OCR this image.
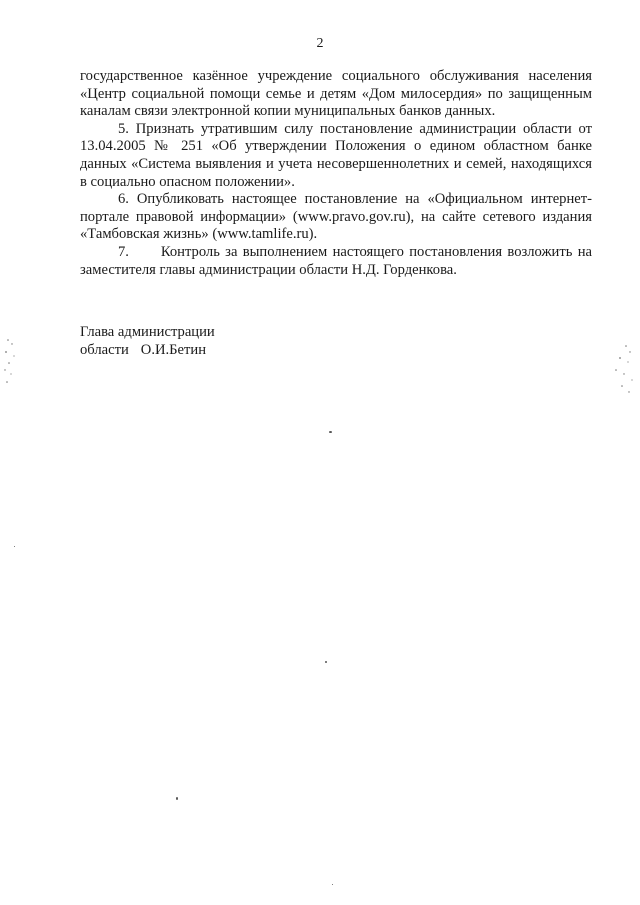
2

государственное казённое учреждение социального обслуживания населения «Центр социальной помощи семье и детям «Дом милосердия» по защищенным каналам связи электронной копии муниципальных банков данных.

5. Признать утратившим силу постановление администрации области от 13.04.2005 № 251 «Об утверждении Положения о едином областном банке данных «Система выявления и учета несовершеннолетних и семей, находящихся в социально опасном положении».

6. Опубликовать настоящее постановление на «Официальном интернет-портале правовой информации» (www.pravo.gov.ru), на сайте сетевого издания «Тамбовская жизнь» (www.tamlife.ru).

7.      Контроль за выполнением настоящего постановления возложить на заместителя главы администрации области Н.Д. Горденкова.

Глава администрации
области О.И.Бетин
